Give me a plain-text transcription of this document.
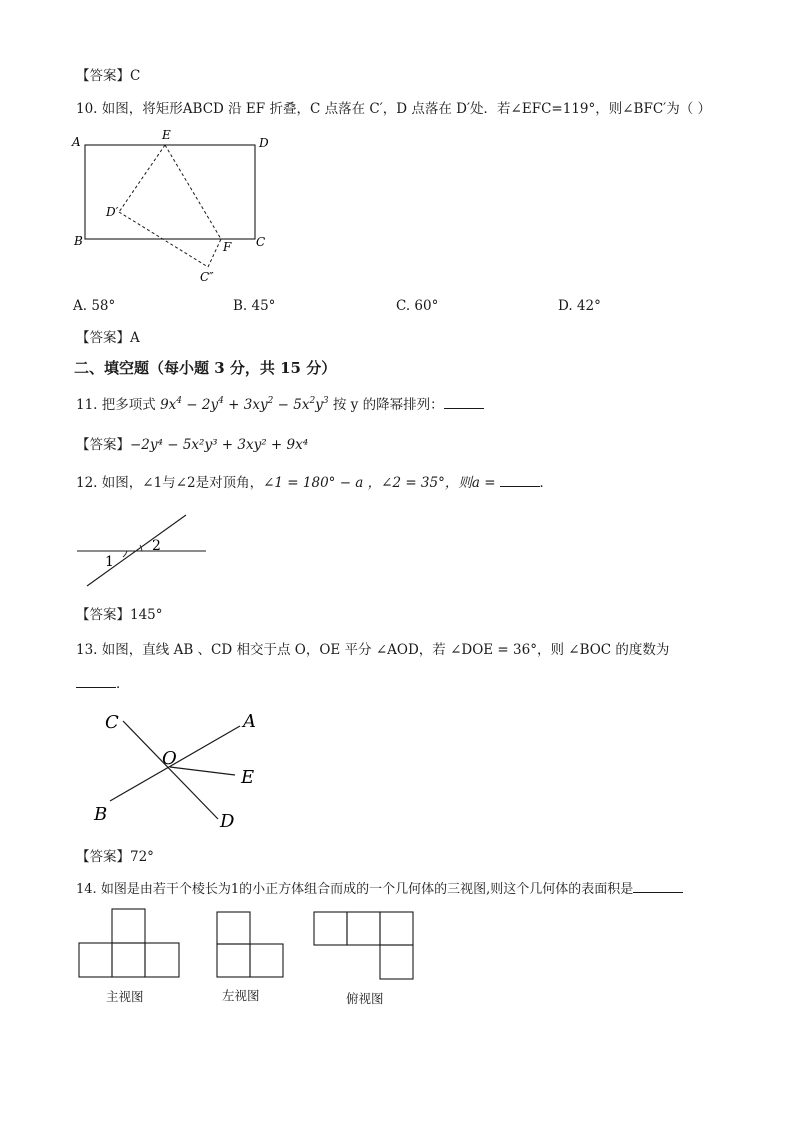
【答案】C
10. 如图，将矩形ABCD 沿 EF 折叠，C 点落在 C′，D 点落在 D′处．若∠EFC=119°，则∠BFC′为（ ）
A	E
D
B	C
F
D′
C″
A. 58°	B. 45°	C. 60°	D. 42°
【答案】A
二、填空题（每小题 3 分，共 15 分）
11. 把多项式 $9x^4 - 2y^4 + 3xy^2 - 5x^2y^3$ 按 y 的降幂排列：
【答案】−2y⁴ − 5x²y³ + 3xy² + 9x⁴
12. 如图，∠1与∠2是对顶角，∠1 = 180° − a ，∠2 = 35°，则a =	．
1
2
【答案】145°
13. 如图，直线 AB 、CD 相交于点 O，OE 平分 ∠AOD，若 ∠DOE = 36°，则 ∠BOC 的度数为
．
A
C
O
E
B	D
【答案】72°
14. 如图是由若干个棱长为1的小正方体组合而成的一个几何体的三视图,则这个几何体的表面积是
主视图	左视图	俯视图
